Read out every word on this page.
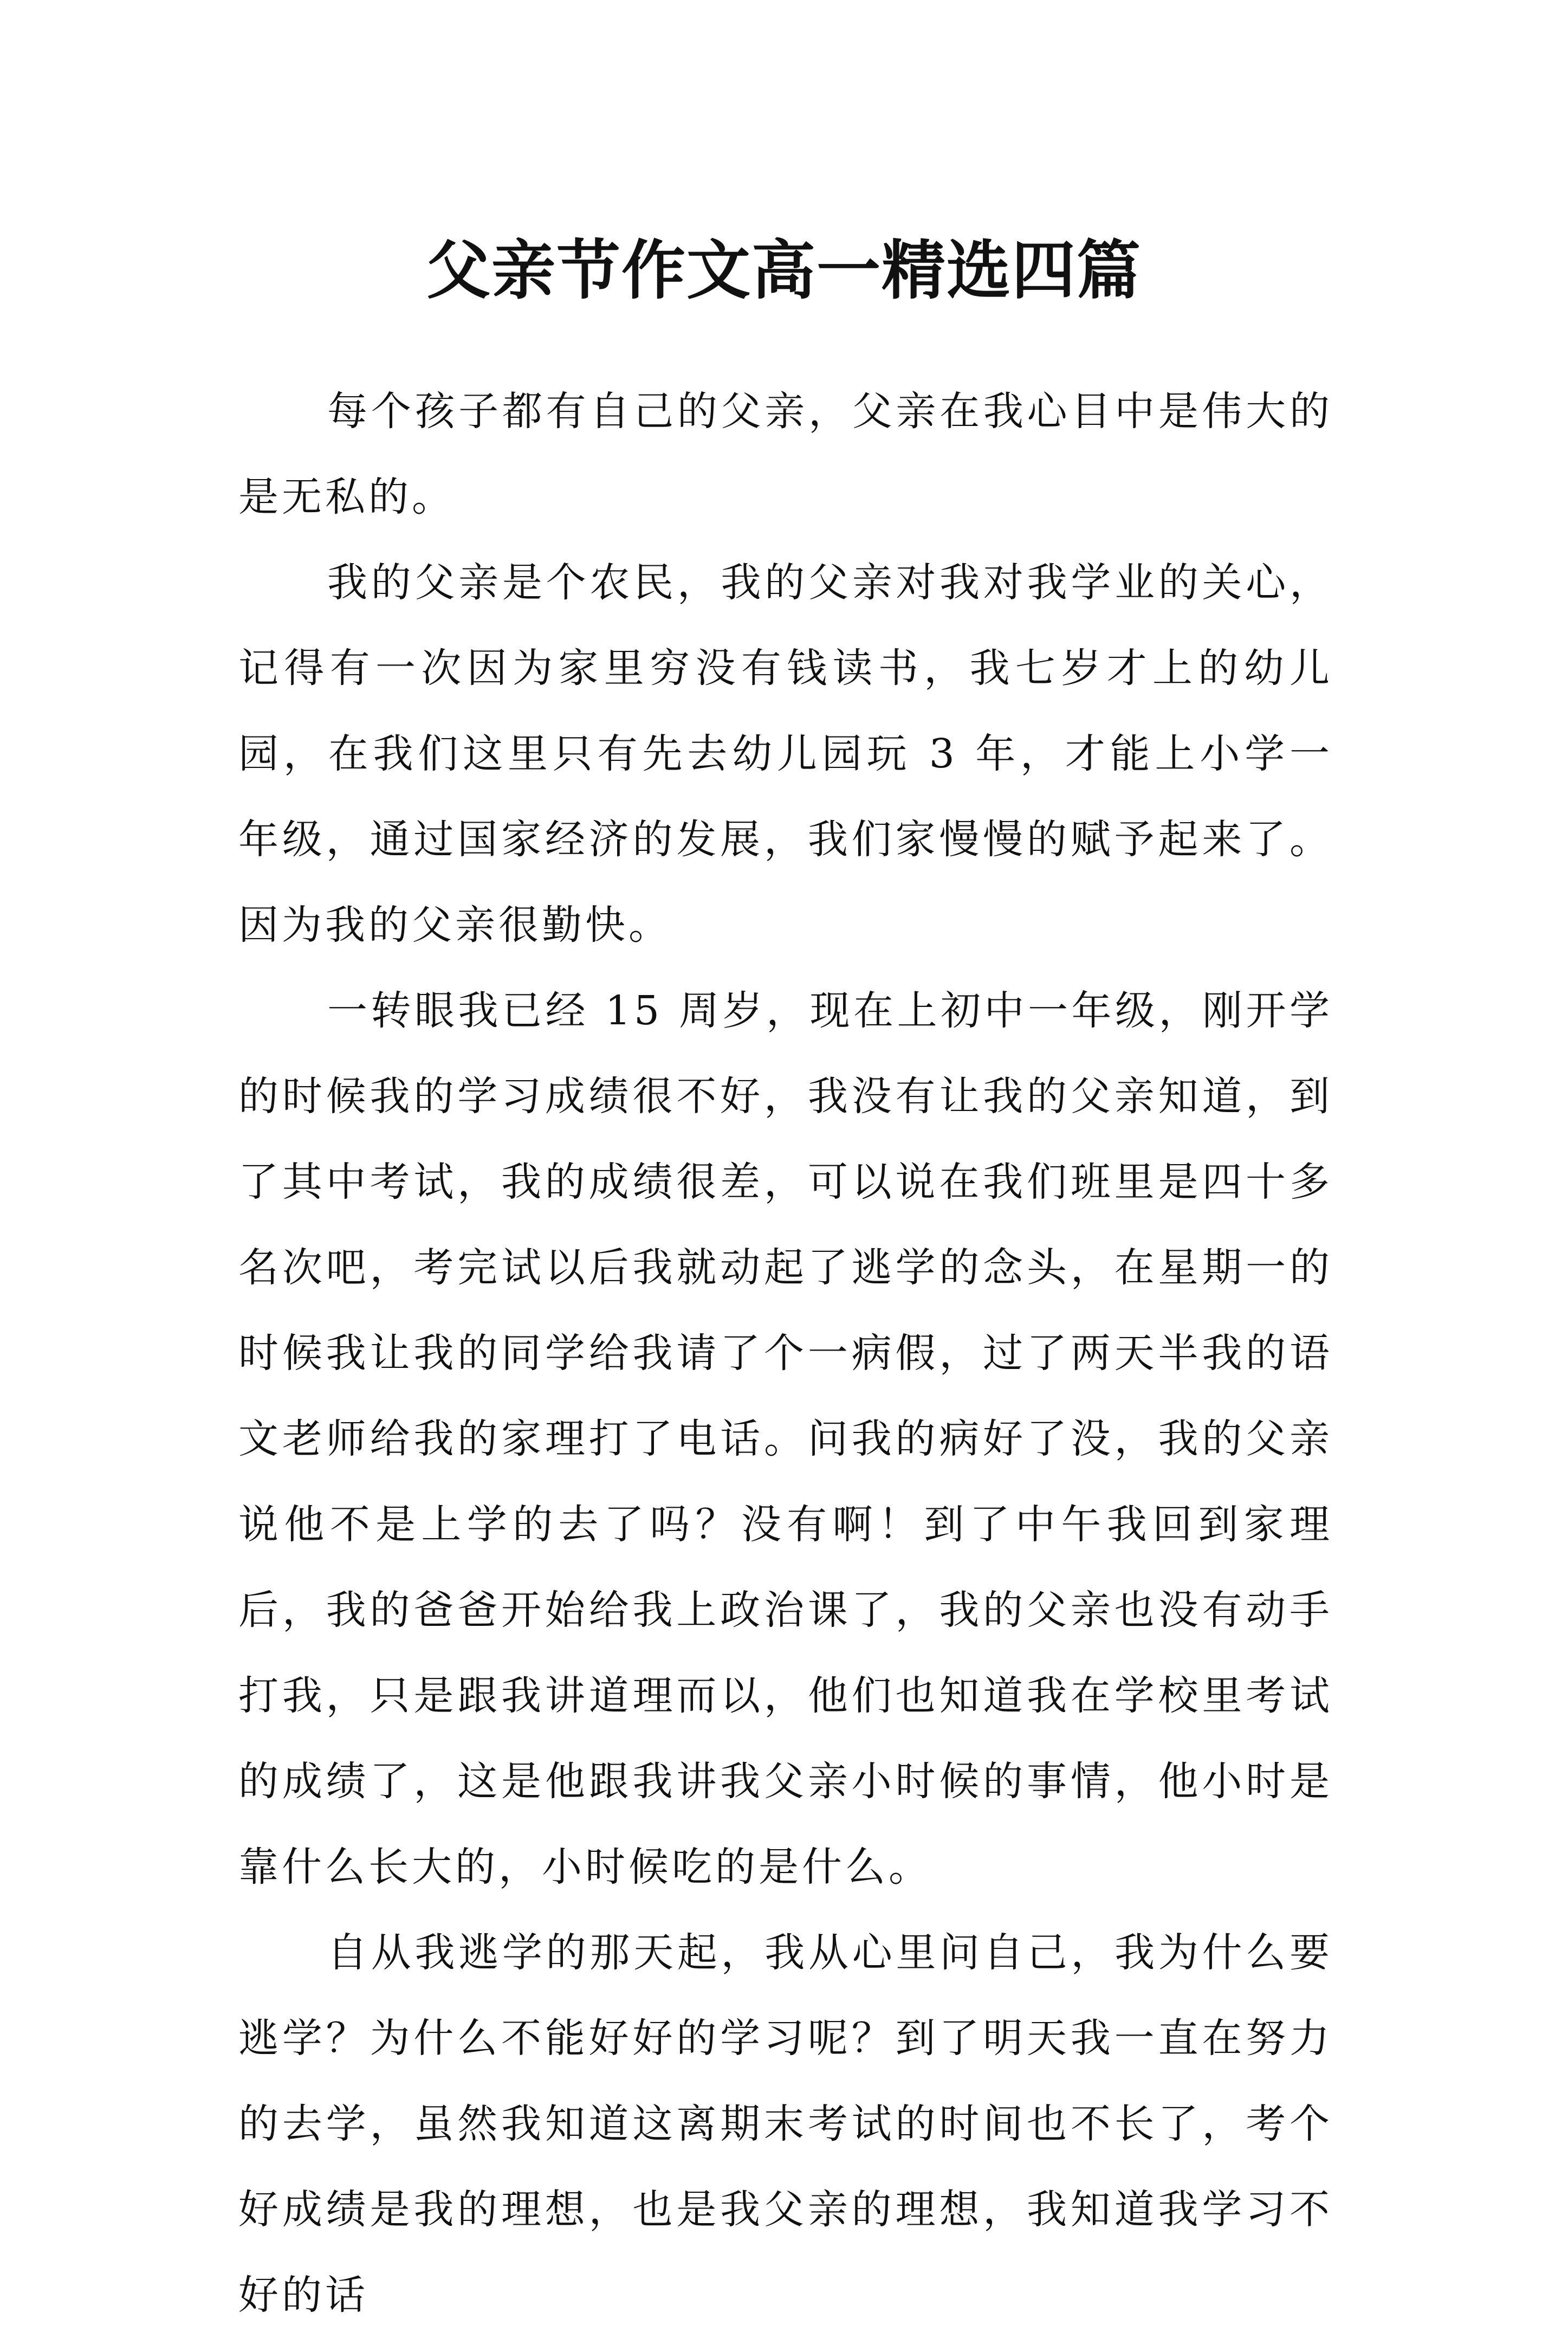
父亲节作文高一精选四篇

每个孩子都有自己的父亲，父亲在我心目中是伟大的是无私的。

我的父亲是个农民，我的父亲对我对我学业的关心，记得有一次因为家里穷没有钱读书，我七岁才上的幼儿园，在我们这里只有先去幼儿园玩 3 年，才能上小学一年级，通过国家经济的发展，我们家慢慢的赋予起来了。因为我的父亲很勤快。

一转眼我已经 15 周岁，现在上初中一年级，刚开学的时候我的学习成绩很不好，我没有让我的父亲知道，到了其中考试，我的成绩很差，可以说在我们班里是四十多名次吧，考完试以后我就动起了逃学的念头，在星期一的时候我让我的同学给我请了个一病假，过了两天半我的语文老师给我的家理打了电话。问我的病好了没，我的父亲说他不是上学的去了吗？没有啊！到了中午我回到家理后，我的爸爸开始给我上政治课了，我的父亲也没有动手打我，只是跟我讲道理而以，他们也知道我在学校里考试的成绩了，这是他跟我讲我父亲小时候的事情，他小时是靠什么长大的，小时候吃的是什么。

自从我逃学的那天起，我从心里问自己，我为什么要逃学？为什么不能好好的学习呢？到了明天我一直在努力的去学，虽然我知道这离期末考试的时间也不长了，考个好成绩是我的理想，也是我父亲的理想，我知道我学习不好的话
